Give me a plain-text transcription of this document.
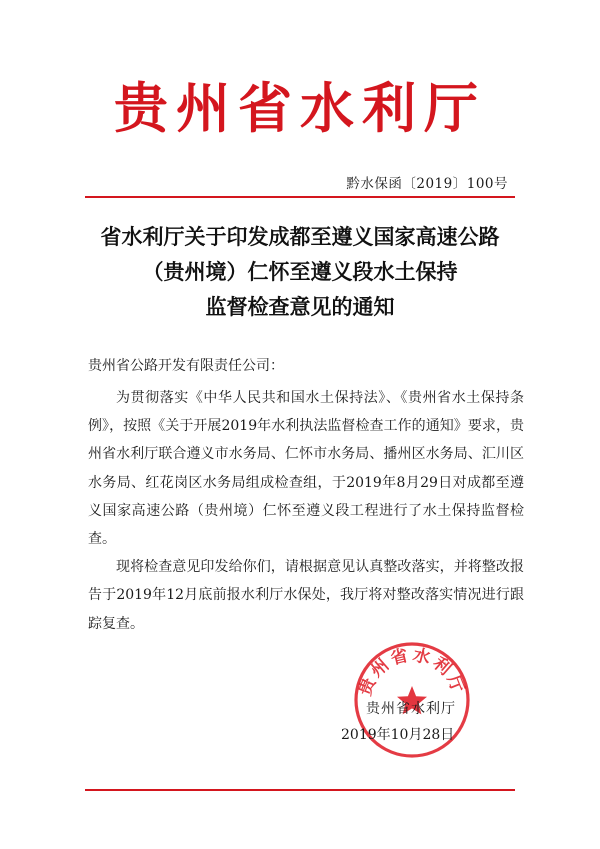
贵州省水利厅
黔水保函〔2019〕100号
省水利厅关于印发成都至遵义国家高速公路
（贵州境）仁怀至遵义段水土保持
监督检查意见的通知
贵州省公路开发有限责任公司：

为贯彻落实《中华人民共和国水土保持法》、《贵州省水土保持条例》，按照《关于开展2019年水利执法监督检查工作的通知》要求，贵州省水利厅联合遵义市水务局、仁怀市水务局、播州区水务局、汇川区水务局、红花岗区水务局组成检查组，于2019年8月29日对成都至遵义国家高速公路（贵州境）仁怀至遵义段工程进行了水土保持监督检查。

现将检查意见印发给你们，请根据意见认真整改落实，并将整改报告于2019年12月底前报水利厅水保处，我厅将对整改落实情况进行跟踪复查。

贵州省水利厅
贵州省水利厅
2019年10月28日
